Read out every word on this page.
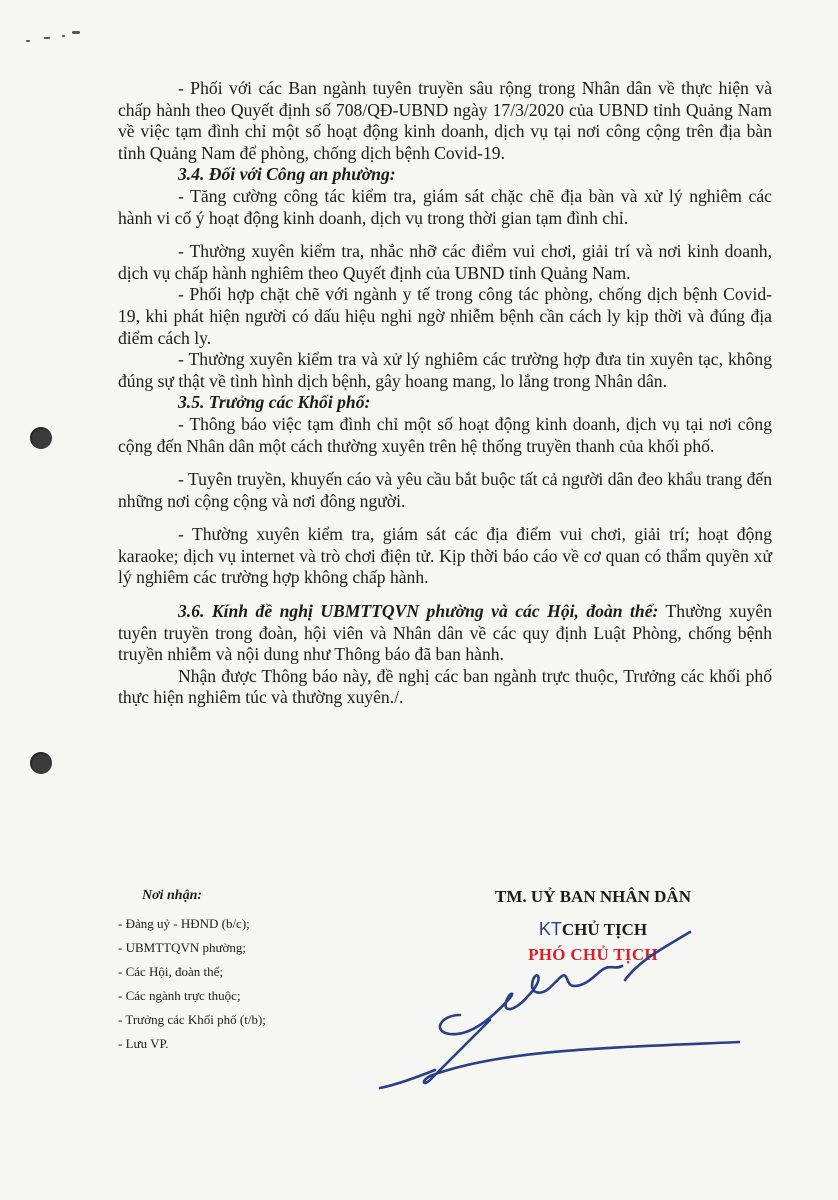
- Phối với các Ban ngành tuyên truyền sâu rộng trong Nhân dân về thực hiện và chấp hành theo Quyết định số 708/QĐ-UBND ngày 17/3/2020 của UBND tỉnh Quảng Nam về việc tạm đình chỉ một số hoạt động kinh doanh, dịch vụ tại nơi công cộng trên địa bàn tỉnh Quảng Nam để phòng, chống dịch bệnh Covid-19.

3.4. Đối với Công an phường:

- Tăng cường công tác kiểm tra, giám sát chặc chẽ địa bàn và xử lý nghiêm các hành vi cố ý hoạt động kinh doanh, dịch vụ trong thời gian tạm đình chỉ.

- Thường xuyên kiểm tra, nhắc nhỡ các điểm vui chơi, giải trí và nơi kinh doanh, dịch vụ chấp hành nghiêm theo Quyết định của UBND tỉnh Quảng Nam.

- Phối hợp chặt chẽ với ngành y tế trong công tác phòng, chống dịch bệnh Covid-19, khi phát hiện người có dấu hiệu nghi ngờ nhiễm bệnh cần cách ly kịp thời và đúng địa điểm cách ly.

- Thường xuyên kiểm tra và xử lý nghiêm các trường hợp đưa tin xuyên tạc, không đúng sự thật về tình hình dịch bệnh, gây hoang mang, lo lắng trong Nhân dân.

3.5. Trưởng các Khối phố:

- Thông báo việc tạm đình chỉ một số hoạt động kinh doanh, dịch vụ tại nơi công cộng đến Nhân dân một cách thường xuyên trên hệ thống truyền thanh của khối phố.

- Tuyên truyền, khuyến cáo và yêu cầu bắt buộc tất cả người dân đeo khẩu trang đến những nơi cộng cộng và nơi đông người.

- Thường xuyên kiểm tra, giám sát các địa điểm vui chơi, giải trí; hoạt động karaoke; dịch vụ internet và trò chơi điện tử. Kịp thời báo cáo về cơ quan có thẩm quyền xử lý nghiêm các trường hợp không chấp hành.

3.6. Kính đề nghị UBMTTQVN phường và các Hội, đoàn thể: Thường xuyên tuyên truyền trong đoàn, hội viên và Nhân dân về các quy định Luật Phòng, chống bệnh truyền nhiễm và nội dung như Thông báo đã ban hành.

Nhận được Thông báo này, đề nghị các ban ngành trực thuộc, Trưởng các khối phố thực hiện nghiêm túc và thường xuyên./.

Nơi nhận:
- Đảng uỷ - HĐND (b/c);
- UBMTTQVN phường;
- Các Hội, đoàn thể;
- Các ngành trực thuộc;
- Trưởng các Khối phố (t/b);
- Lưu VP.
TM. UỶ BAN NHÂN DÂN
KTCHỦ TỊCH
PHÓ CHỦ TỊCH
